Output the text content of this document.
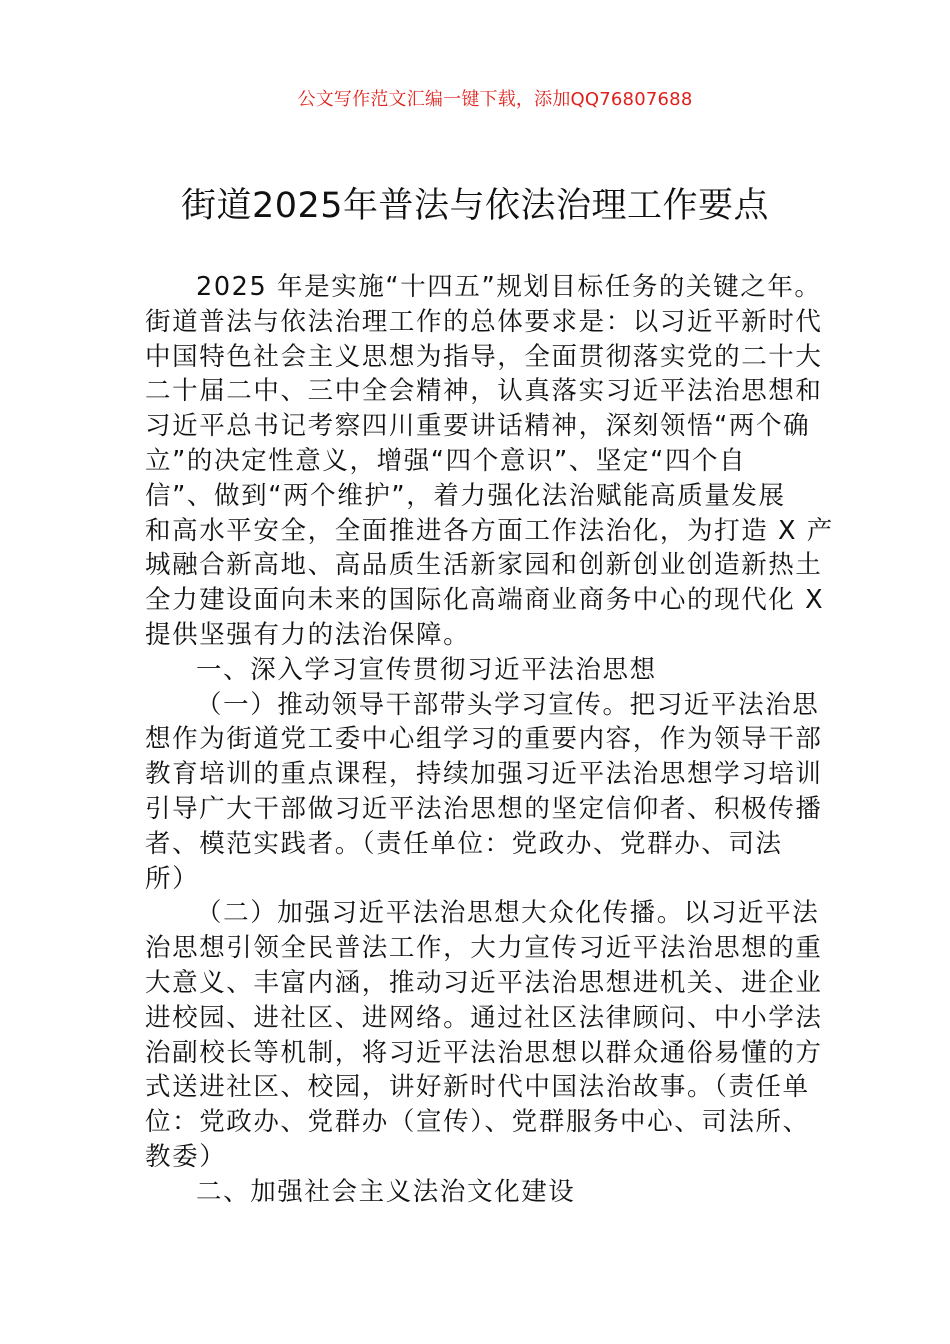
公文写作范文汇编一键下载，添加QQ76807688
街道2025年普法与依法治理工作要点
2025 年是实施“十四五”规划目标任务的关键之年。
街道普法与依法治理工作的总体要求是：以习近平新时代
中国特色社会主义思想为指导，全面贯彻落实党的二十大
二十届二中、三中全会精神，认真落实习近平法治思想和
习近平总书记考察四川重要讲话精神，深刻领悟“两个确
立”的决定性意义，增强“四个意识”、坚定“四个自
信”、做到“两个维护”，着力强化法治赋能高质量发展
和高水平安全，全面推进各方面工作法治化，为打造 X 产
城融合新高地、高品质生活新家园和创新创业创造新热土
全力建设面向未来的国际化高端商业商务中心的现代化 X
提供坚强有力的法治保障。
一、深入学习宣传贯彻习近平法治思想
（一）推动领导干部带头学习宣传。把习近平法治思
想作为街道党工委中心组学习的重要内容，作为领导干部
教育培训的重点课程，持续加强习近平法治思想学习培训
引导广大干部做习近平法治思想的坚定信仰者、积极传播
者、模范实践者。（责任单位：党政办、党群办、司法
所）
（二）加强习近平法治思想大众化传播。以习近平法
治思想引领全民普法工作，大力宣传习近平法治思想的重
大意义、丰富内涵，推动习近平法治思想进机关、进企业
进校园、进社区、进网络。通过社区法律顾问、中小学法
治副校长等机制，将习近平法治思想以群众通俗易懂的方
式送进社区、校园，讲好新时代中国法治故事。（责任单
位：党政办、党群办（宣传）、党群服务中心、司法所、
教委）
二、加强社会主义法治文化建设
